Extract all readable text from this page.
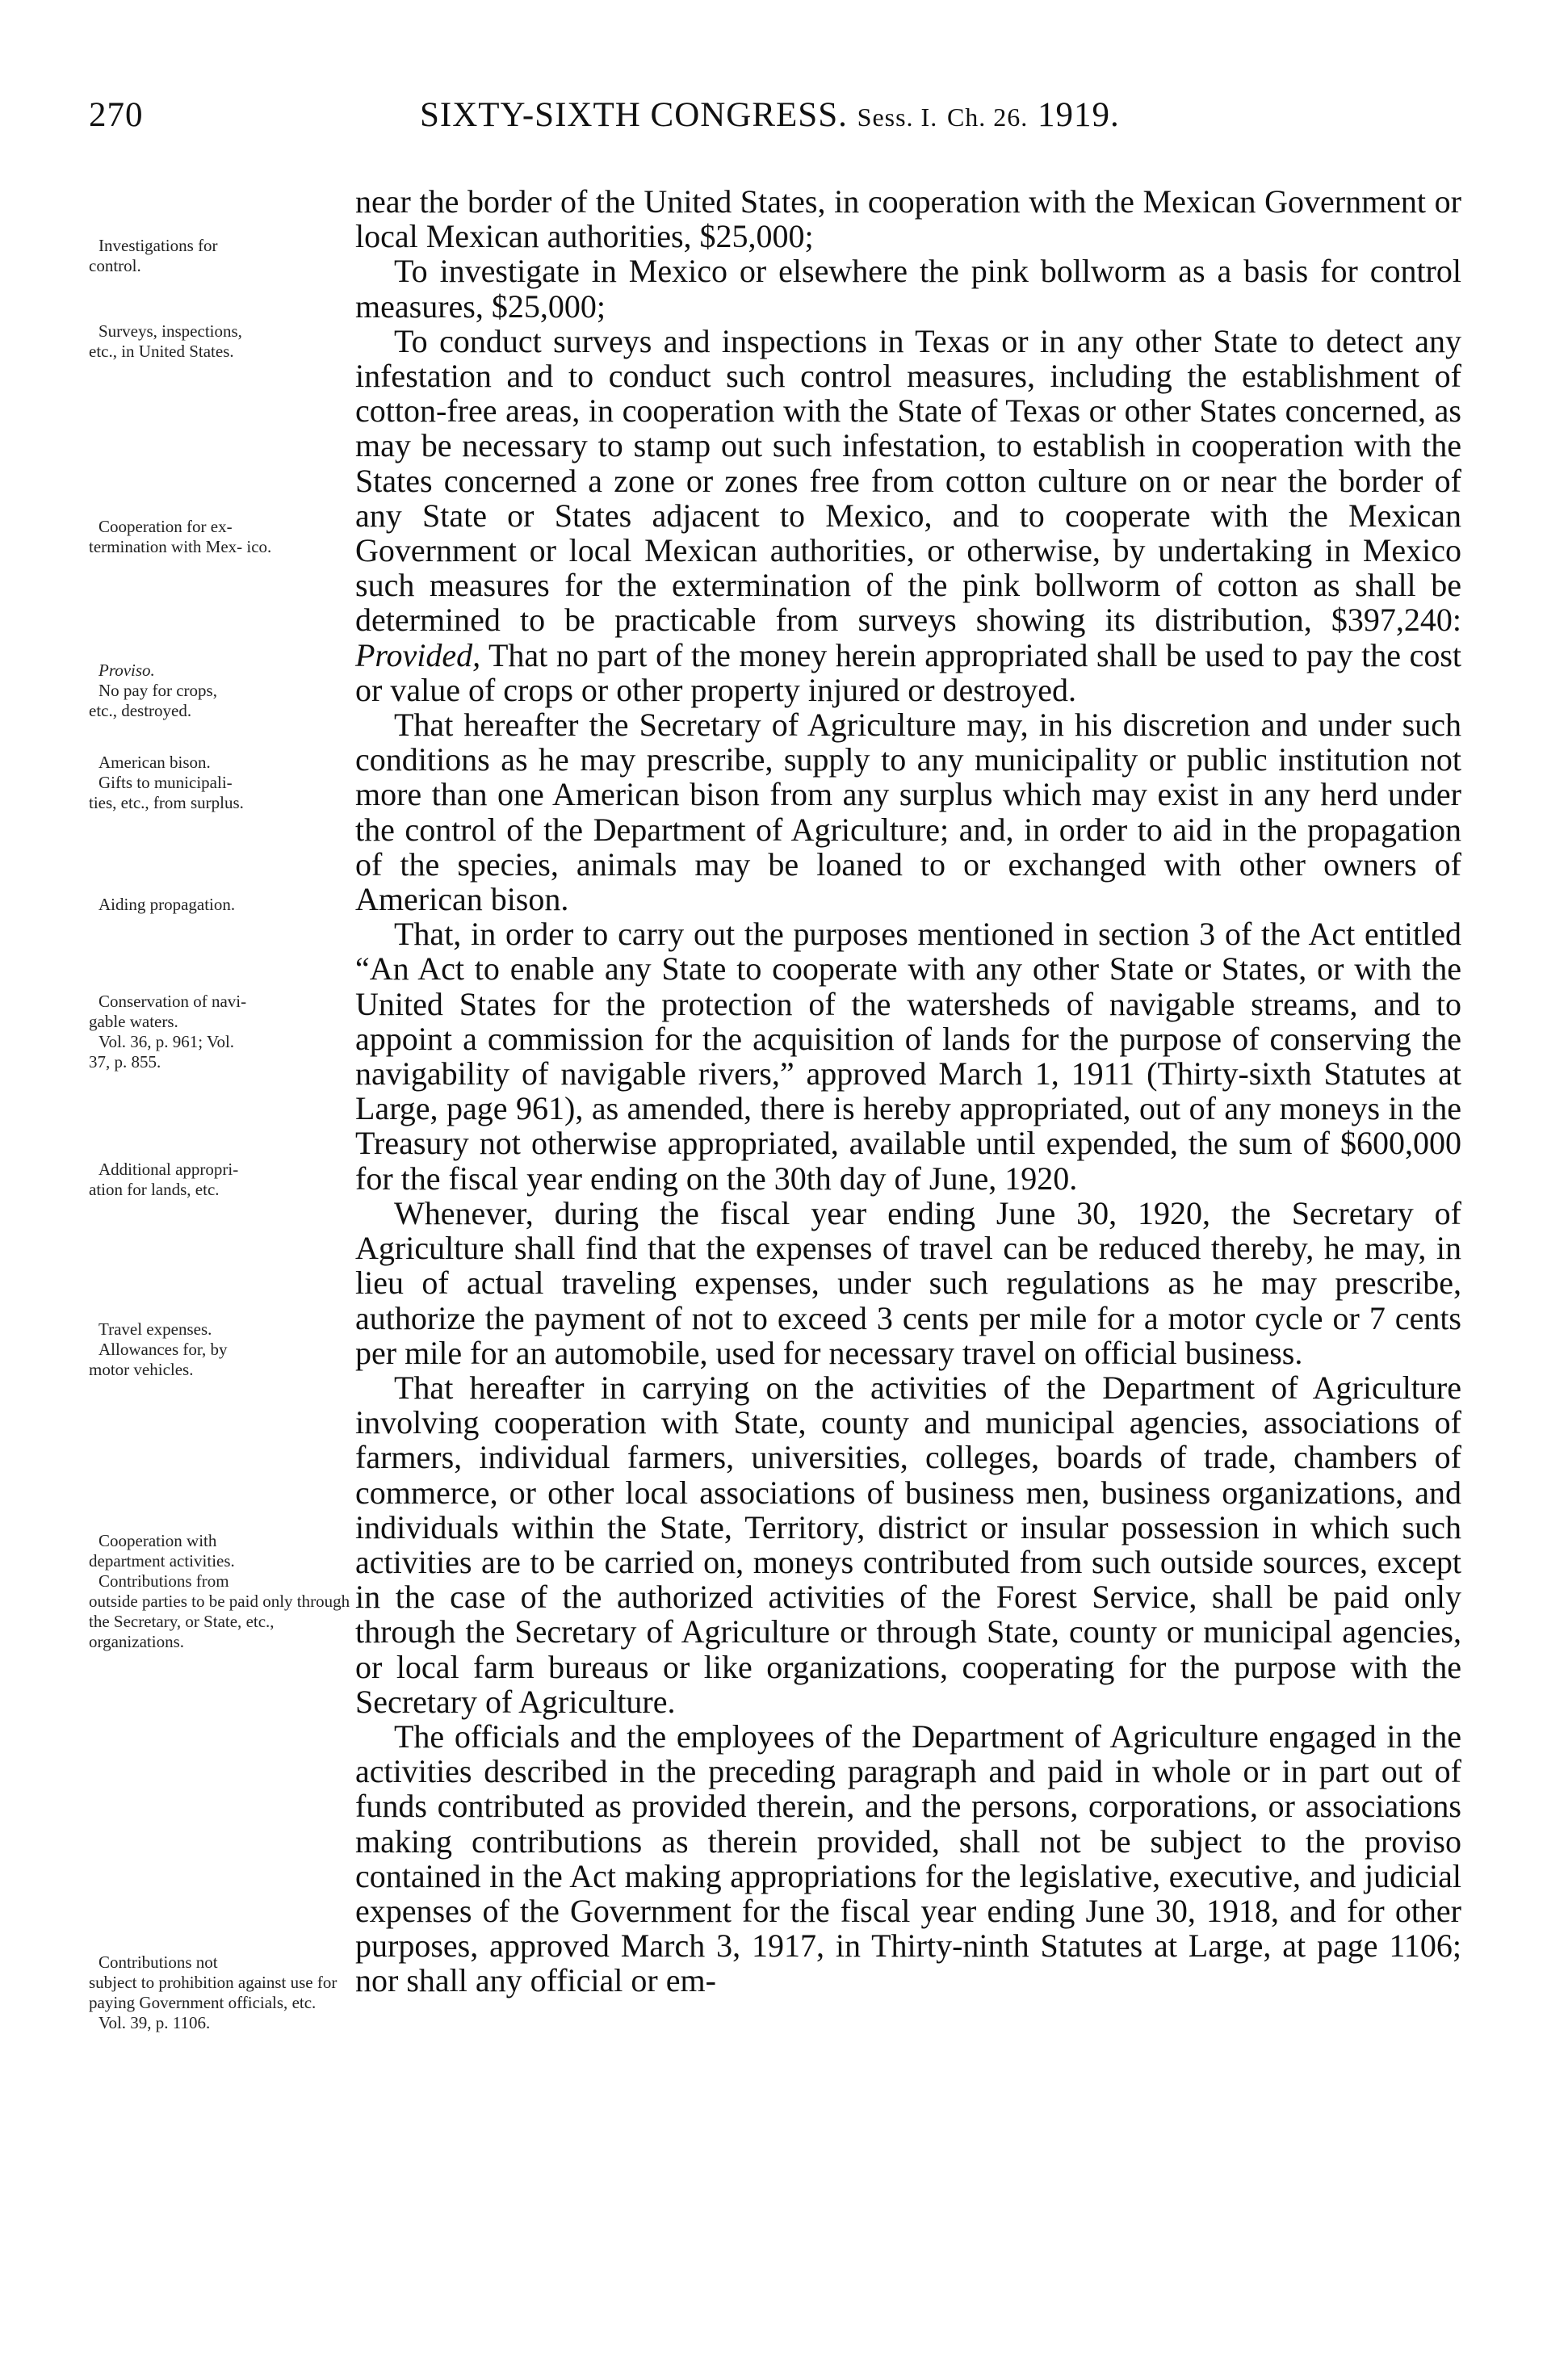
270	SIXTY-SIXTH CONGRESS. Sess. I. Ch. 26. 1919.
Investigations for
control.
Surveys, inspections,
etc., in United States.
Cooperation for ex-
termination with Mex- ico.
Proviso.
No pay for crops,
etc., destroyed.
American bison.
Gifts to municipali-
ties, etc., from surplus.
Aiding propagation.
Conservation of navi-
gable waters.
Vol. 36, p. 961; Vol.
37, p. 855.
Additional appropri-
ation for lands, etc.
Travel expenses.
Allowances for, by
motor vehicles.
Cooperation with
department activities.
Contributions from
outside parties to be paid only through the Secretary, or State, etc., organizations.
Contributions not
subject to prohibition against use for paying Government officials, etc.
Vol. 39, p. 1106.

near the border of the United States, in cooperation with the Mexican Government or local Mexican authorities, $25,000;

To investigate in Mexico or elsewhere the pink bollworm as a basis for control measures, $25,000;

To conduct surveys and inspections in Texas or in any other State to detect any infestation and to conduct such control measures, including the establishment of cotton-free areas, in cooperation with the State of Texas or other States concerned, as may be necessary to stamp out such infestation, to establish in cooperation with the States concerned a zone or zones free from cotton culture on or near the border of any State or States adjacent to Mexico, and to cooperate with the Mexican Government or local Mexican authorities, or otherwise, by undertaking in Mexico such measures for the extermination of the pink bollworm of cotton as shall be determined to be practicable from surveys showing its distribution, $397,240: Provided, That no part of the money herein appropriated shall be used to pay the cost or value of crops or other property injured or destroyed.

That hereafter the Secretary of Agriculture may, in his discretion and under such conditions as he may prescribe, supply to any municipality or public institution not more than one American bison from any surplus which may exist in any herd under the control of the Department of Agriculture; and, in order to aid in the propagation of the species, animals may be loaned to or exchanged with other owners of American bison.

That, in order to carry out the purposes mentioned in section 3 of the Act entitled “An Act to enable any State to cooperate with any other State or States, or with the United States for the protection of the watersheds of navigable streams, and to appoint a commission for the acquisition of lands for the purpose of conserving the navigability of navigable rivers,” approved March 1, 1911 (Thirty-sixth Statutes at Large, page 961), as amended, there is hereby appropriated, out of any moneys in the Treasury not otherwise appropriated, available until expended, the sum of $600,000 for the fiscal year ending on the 30th day of June, 1920.

Whenever, during the fiscal year ending June 30, 1920, the Secretary of Agriculture shall find that the expenses of travel can be reduced thereby, he may, in lieu of actual traveling expenses, under such regulations as he may prescribe, authorize the payment of not to exceed 3 cents per mile for a motor cycle or 7 cents per mile for an automobile, used for necessary travel on official business.

That hereafter in carrying on the activities of the Department of Agriculture involving cooperation with State, county and municipal agencies, associations of farmers, individual farmers, universities, colleges, boards of trade, chambers of commerce, or other local associations of business men, business organizations, and individuals within the State, Territory, district or insular possession in which such activities are to be carried on, moneys contributed from such outside sources, except in the case of the authorized activities of the Forest Service, shall be paid only through the Secretary of Agriculture or through State, county or municipal agencies, or local farm bureaus or like organizations, cooperating for the purpose with the Secretary of Agriculture.

The officials and the employees of the Department of Agriculture engaged in the activities described in the preceding paragraph and paid in whole or in part out of funds contributed as provided therein, and the persons, corporations, or associations making contributions as therein provided, shall not be subject to the proviso contained in the Act making appropriations for the legislative, executive, and judicial expenses of the Government for the fiscal year ending June 30, 1918, and for other purposes, approved March 3, 1917, in Thirty-ninth Statutes at Large, at page 1106; nor shall any official or em-
